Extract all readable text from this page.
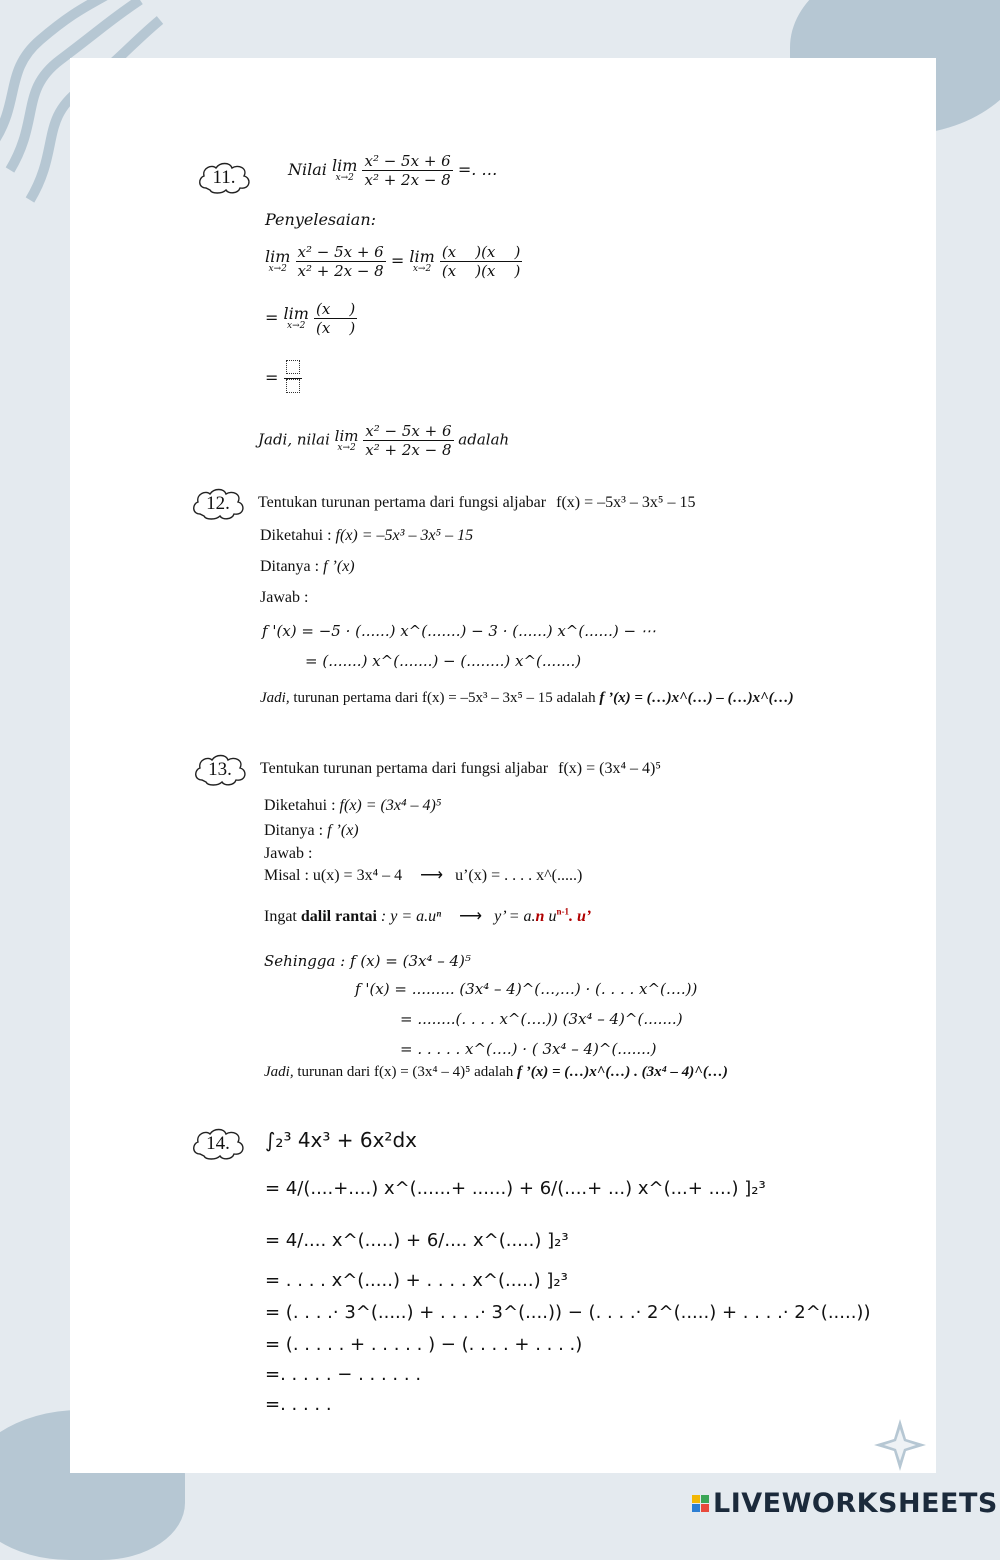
11.	Nilai lim
x→2
$\frac{\text{x² − 5x + 6}}{\text{x² + 2x − 8}}$ =. …
Penyelesaian:
lim
x→2
$\frac{\text{x² − 5x + 6}}{\text{x² + 2x − 8}} = \lim$
x→2
$\frac{(x )(x )}{(x )(x )}$
= lim
x→2
$\frac{(x )}{(x )}$
=
Jadi, nilai lim
x→2
$\frac{\text{x² − 5x + 6}}{\text{x² + 2x − 8}}$ adalah
12. Tentukan turunan pertama dari fungsi aljabar f(x) = –5x³ – 3x⁵ – 15
Diketahui : f(x) = –5x³ – 3x⁵ – 15
Ditanya : f ’(x)
Jawab :
f '(x) = −5 · (......) x^(.......) − 3 · (......) x^(......) − ⋯
= (.......) x^(.......) − (........) x^(.......)
Jadi, turunan pertama dari f(x) = –5x³ – 3x⁵ – 15 adalah f ’(x) = (…)x^(…) – (…)x^(…)
13. Tentukan turunan pertama dari fungsi aljabar f(x) = (3x⁴ – 4)⁵
Diketahui : f(x) = (3x⁴ – 4)⁵
Ditanya : f ’(x)
Jawab :
Misal : u(x) = 3x⁴ – 4 ⟶ u’(x) = . . . . x^(.....)
Ingat dalil rantai : y = a.uⁿ ⟶ y’ = a.n $u^{n-1}$. u’
Sehingga : f (x) = (3x⁴ – 4)⁵
f '(x) = ......... (3x⁴ – 4)^(…,…) · (. . . . x^(….))
= ........(. . . . x^(….)) (3x⁴ – 4)^(.......)
= . . . . . x^(….) · ( 3x⁴ – 4)^(.......)
Jadi, turunan dari f(x) = (3x⁴ – 4)⁵ adalah f ’(x) = (…)x^(…) . (3x⁴ – 4)^(…)
14. ∫₂³ 4x³ + 6x²dx
= 4/(....+....) x^(......+ ......) + 6/(....+ ...) x^(...+ ....) ]₂³
= 4/.... x^(.....) + 6/.... x^(.....) ]₂³
= . . . . x^(.....) + . . . . x^(.....) ]₂³
= (. . . .· 3^(.....) + . . . .· 3^(....)) − (. . . .· 2^(.....) + . . . .· 2^(.....))
= (. . . . . + . . . . . ) − (. . . . + . . . .)
=. . . . . − . . . . . .
=. . . . .
LIVEWORKSHEETS
